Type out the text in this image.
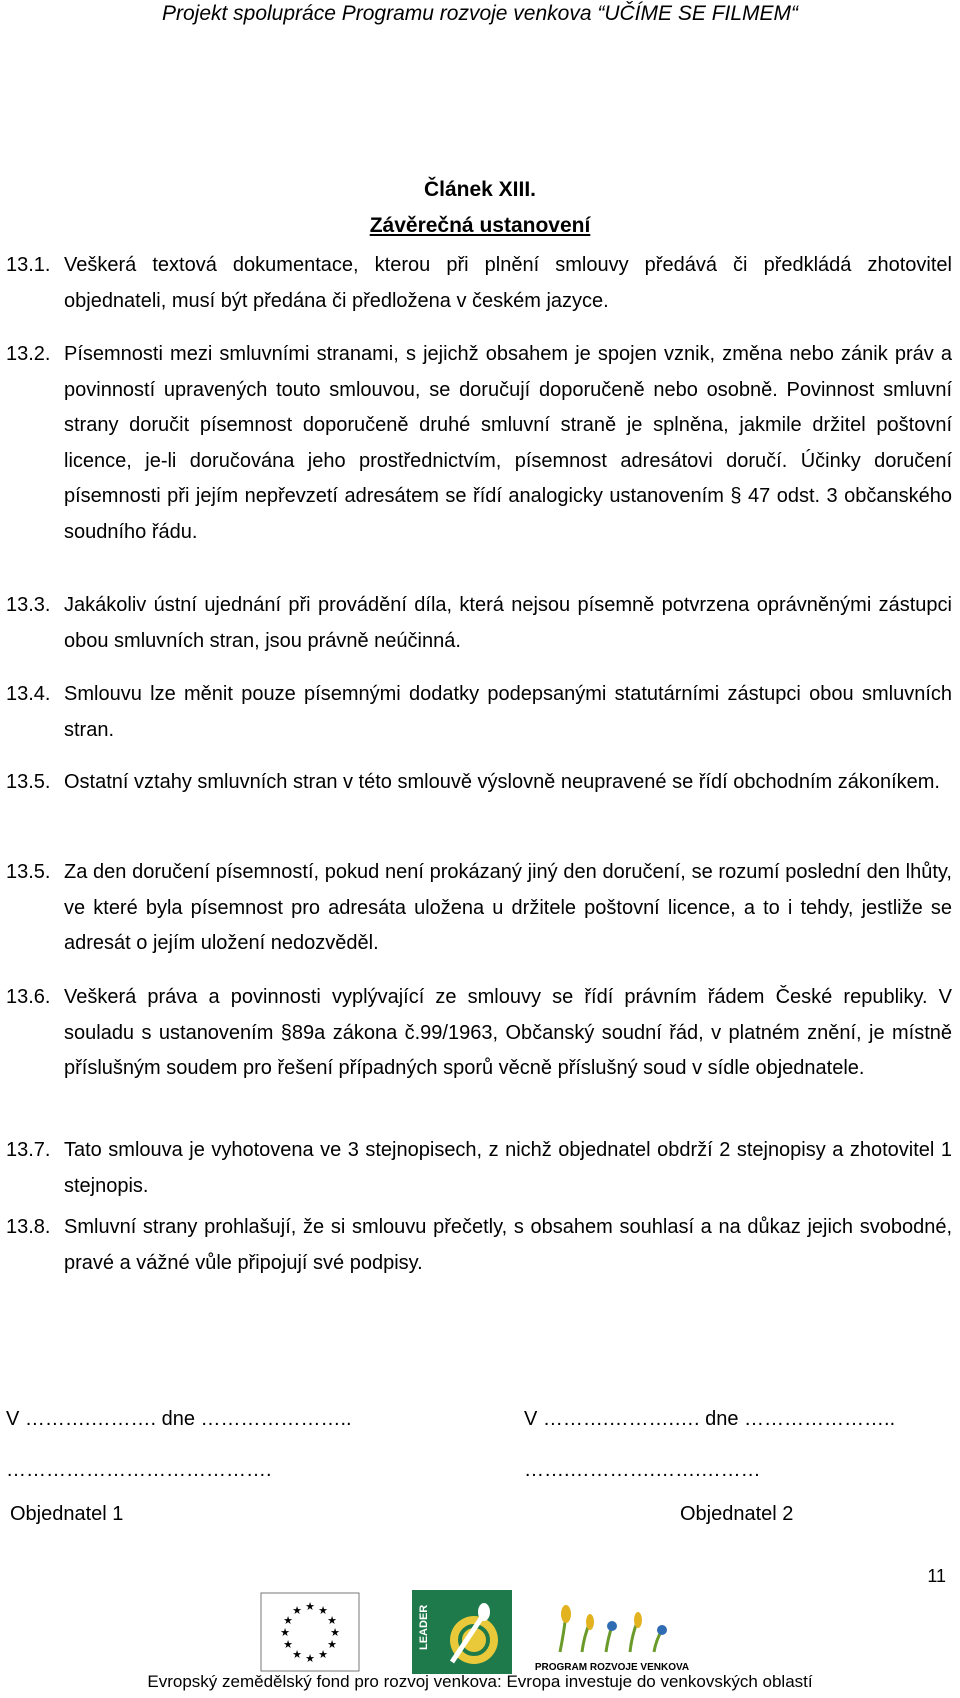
Projekt spolupráce Programu rozvoje venkova “UČÍME SE FILMEM“
Článek XIII.
Závěrečná ustanovení
13.1. Veškerá textová dokumentace, kterou při plnění smlouvy předává či předkládá zhotovitel objednateli, musí být předána či předložena v českém jazyce.
13.2. Písemnosti mezi smluvními stranami, s jejichž obsahem je spojen vznik, změna nebo zánik práv a povinností upravených touto smlouvou, se doručují doporučeně nebo osobně. Povinnost smluvní strany doručit písemnost doporučeně druhé smluvní straně je splněna, jakmile držitel poštovní licence, je-li doručována jeho prostřednictvím, písemnost adresátovi doručí. Účinky doručení písemnosti při jejím nepřevzetí adresátem se řídí analogicky ustanovením § 47 odst. 3 občanského soudního řádu.
13.3. Jakákoliv ústní ujednání při provádění díla, která nejsou písemně potvrzena oprávněnými zástupci obou smluvních stran, jsou právně neúčinná.
13.4. Smlouvu lze měnit pouze písemnými dodatky podepsanými statutárními zástupci obou smluvních stran.
13.5. Ostatní vztahy smluvních stran v této smlouvě výslovně neupravené se řídí obchodním zákoníkem.
13.5. Za den doručení písemností, pokud není prokázaný jiný den doručení, se rozumí poslední den lhůty, ve které byla písemnost pro adresáta uložena u držitele poštovní licence, a to i tehdy, jestliže se adresát o jejím uložení nedozvěděl.
13.6. Veškerá práva a povinnosti vyplývající ze smlouvy se řídí právním řádem České republiky. V souladu s ustanovením §89a zákona č.99/1963, Občanský soudní řád, v platném znění, je místně příslušným soudem pro řešení případných sporů věcně příslušný soud v sídle objednatele.
13.7. Tato smlouva je vyhotovena ve 3 stejnopisech, z nichž objednatel obdrží 2 stejnopisy a zhotovitel 1 stejnopis.
13.8. Smluvní strany prohlašují, že si smlouvu přečetly, s obsahem souhlasí a na důkaz jejich svobodné, pravé a vážné vůle připojují své podpisy.
V ……….………. dne …………………..	V ……….……….…. dne …………………..
………………………………….	…….………….…….………
Objednatel 1	Objednatel 2
11
★ ★
★
★
★
★
★
★
★
★
★
★	LEADER
PROGRAM ROZVOJE VENKOVA
Evropský zemědělský fond pro rozvoj venkova: Evropa investuje do venkovských oblastí
